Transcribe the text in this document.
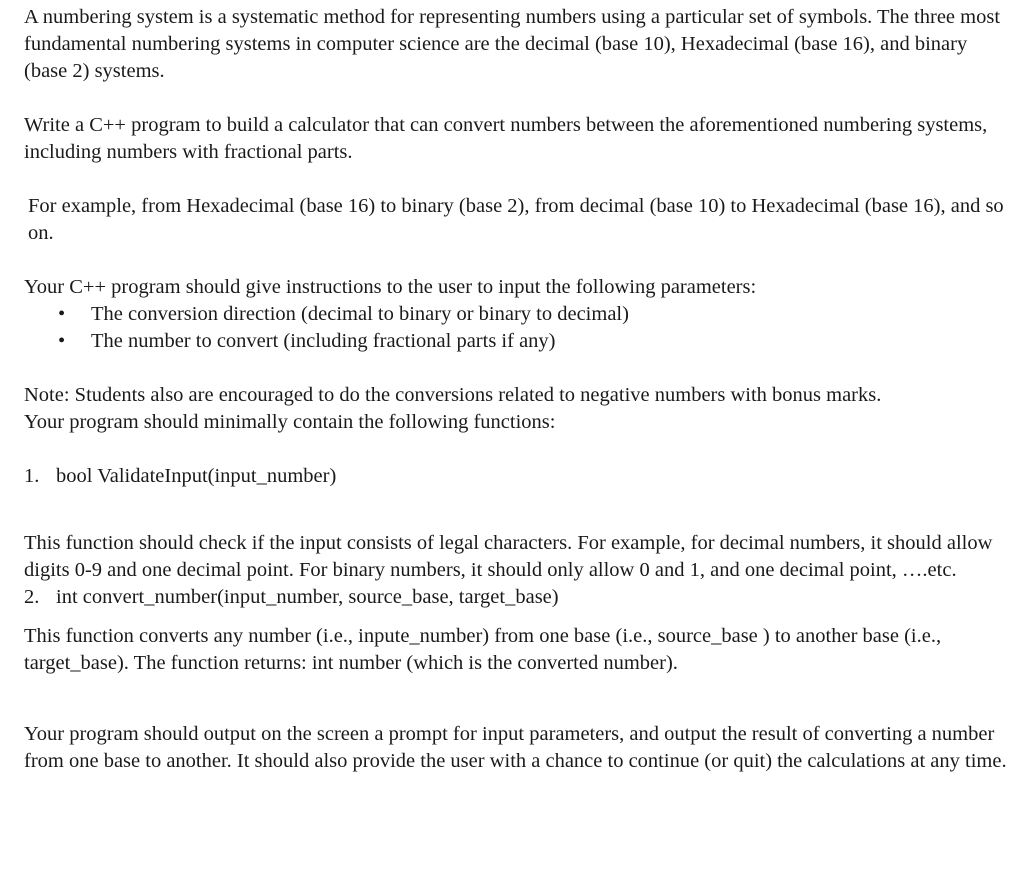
A numbering system is a systematic method for representing numbers using a particular set of symbols. The three most fundamental numbering systems in computer science are the decimal (base 10), Hexadecimal (base 16), and binary (base 2) systems.

Write a C++ program to build a calculator that can convert numbers between the aforementioned numbering systems, including numbers with fractional parts.

For example, from Hexadecimal (base 16) to binary (base 2), from decimal (base 10) to Hexadecimal (base 16), and so on.

Your C++ program should give instructions to the user to input the following parameters:

• The conversion direction (decimal to binary or binary to decimal)
• The number to convert (including fractional parts if any)

Note: Students also are encouraged to do the conversions related to negative numbers with bonus marks.

Your program should minimally contain the following functions:

1. bool ValidateInput(input_number)

This function should check if the input consists of legal characters. For example, for decimal numbers, it should allow digits 0-9 and one decimal point. For binary numbers, it should only allow 0 and 1, and one decimal point, ….etc.

2. int convert_number(input_number, source_base, target_base)

This function converts any number (i.e., inpute_number) from one base (i.e., source_base ) to another base (i.e., target_base). The function returns: int number (which is the converted number).

Your program should output on the screen a prompt for input parameters, and output the result of converting a number from one base to another. It should also provide the user with a chance to continue (or quit) the calculations at any time.
